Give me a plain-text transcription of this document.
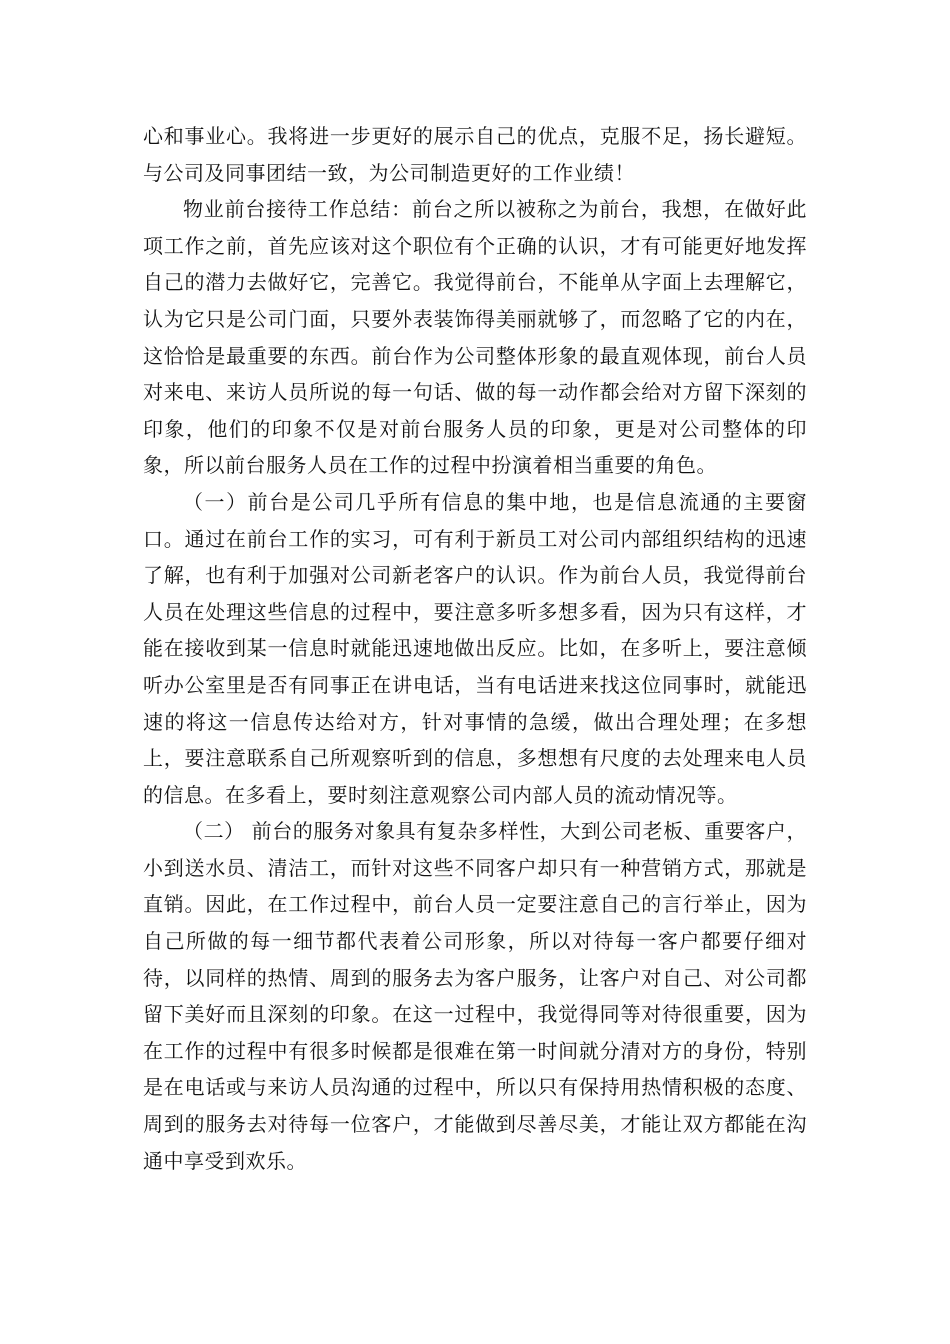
心和事业心。我将进一步更好的展示自己的优点，克服不足，扬长避短。与公司及同事团结一致，为公司制造更好的工作业绩！

物业前台接待工作总结：前台之所以被称之为前台，我想，在做好此项工作之前，首先应该对这个职位有个正确的认识，才有可能更好地发挥自己的潜力去做好它，完善它。我觉得前台，不能单从字面上去理解它，认为它只是公司门面，只要外表装饰得美丽就够了，而忽略了它的内在，这恰恰是最重要的东西。前台作为公司整体形象的最直观体现，前台人员对来电、来访人员所说的每一句话、做的每一动作都会给对方留下深刻的印象，他们的印象不仅是对前台服务人员的印象，更是对公司整体的印象，所以前台服务人员在工作的过程中扮演着相当重要的角色。

（一）前台是公司几乎所有信息的集中地，也是信息流通的主要窗口。通过在前台工作的实习，可有利于新员工对公司内部组织结构的迅速了解，也有利于加强对公司新老客户的认识。作为前台人员，我觉得前台人员在处理这些信息的过程中，要注意多听多想多看，因为只有这样，才能在接收到某一信息时就能迅速地做出反应。比如，在多听上，要注意倾听办公室里是否有同事正在讲电话，当有电话进来找这位同事时，就能迅速的将这一信息传达给对方，针对事情的急缓，做出合理处理；在多想上，要注意联系自己所观察听到的信息，多想想有尺度的去处理来电人员的信息。在多看上，要时刻注意观察公司内部人员的流动情况等。

（二） 前台的服务对象具有复杂多样性，大到公司老板、重要客户，小到送水员、清洁工，而针对这些不同客户却只有一种营销方式，那就是直销。因此，在工作过程中，前台人员一定要注意自己的言行举止，因为自己所做的每一细节都代表着公司形象，所以对待每一客户都要仔细对待，以同样的热情、周到的服务去为客户服务，让客户对自己、对公司都留下美好而且深刻的印象。在这一过程中，我觉得同等对待很重要，因为在工作的过程中有很多时候都是很难在第一时间就分清对方的身份，特别是在电话或与来访人员沟通的过程中，所以只有保持用热情积极的态度、周到的服务去对待每一位客户，才能做到尽善尽美，才能让双方都能在沟通中享受到欢乐。
